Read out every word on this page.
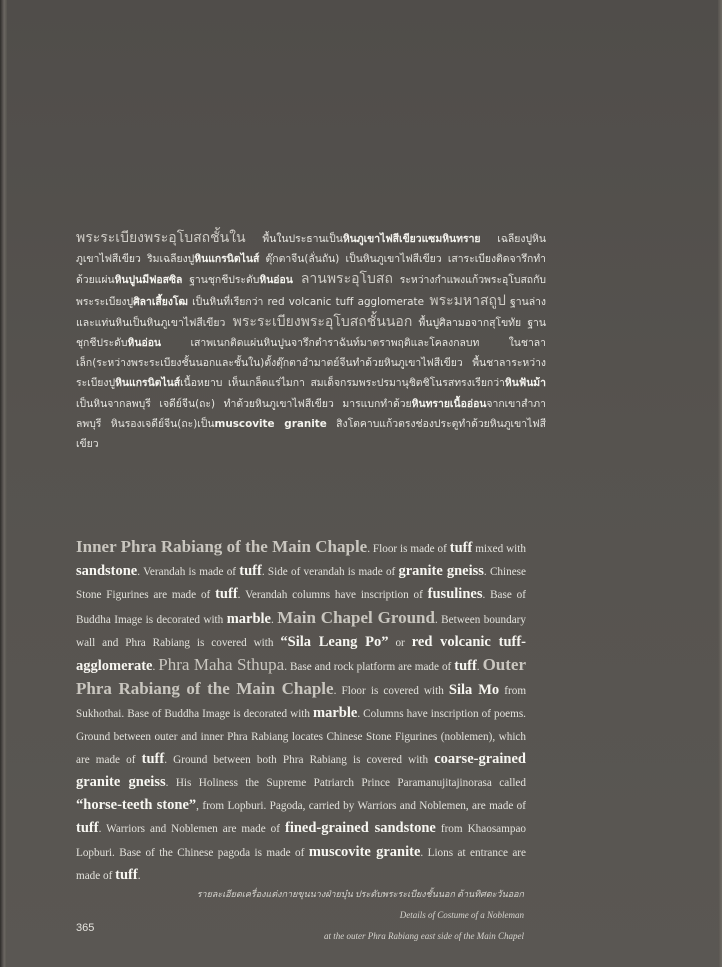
พระระเบียงพระอุโบสถชั้นใน พื้นในประธานเป็นหินภูเขาไฟสีเขียวแซมหินทราย เฉลียงปูหินภูเขาไฟสีเขียว ริมเฉลียงปูหินแกรนิตไนส์ ตุ๊กตาจีน(ลั่นถัน) เป็นหินภูเขาไฟสีเขียว เสาระเบียงติดจารึกทำด้วยแผ่นหินปูนมีฟอสซิล ฐานชุกชีประดับหินอ่อน ลานพระอุโบสถ ระหว่างกำแพงแก้วพระอุโบสถกับพระระเบียงปูศิลาเสี้ยงโฒ เป็นหินที่เรียกว่า red volcanic tuff agglomerate พระมหาสถูป ฐานล่างและแท่นหินเป็นหินภูเขาไฟสีเขียว พระระเบียงพระอุโบสถชั้นนอก พื้นปูศิลามอจากสุโขทัย ฐานชุกชีประดับหินอ่อน เสาพเนกติดแผ่นหินปูนจารึกตำราฉันท์มาตราพฤติและโคลงกลบท ในชาลาเล็ก(ระหว่างพระระเบียงชั้นนอกและชั้นใน)ตั้งตุ๊กตาอำมาตย์จีนทำด้วยหินภูเขาไฟสีเขียว พื้นชาลาระหว่างระเบียงปูหินแกรนิตไนส์เนื้อหยาบ เห็นเกล็ดแร่ไมกา สมเด็จกรมพระปรมานุชิตชิโนรสทรงเรียกว่าหินฟันม้า เป็นหินจากลพบุรี เจดีย์จีน(ถะ) ทำด้วยหินภูเขาไฟสีเขียว มารแบกทำด้วยหินทรายเนื้ออ่อนจากเขาสำภาลพบุรี หินรองเจดีย์จีน(ถะ)เป็นmuscovite granite สิงโตคาบแก้วตรงช่องประตูทำด้วยหินภูเขาไฟสีเขียว

Inner Phra Rabiang of the Main Chaple. Floor is made of tuff mixed with sandstone. Verandah is made of tuff. Side of verandah is made of granite gneiss. Chinese Stone Figurines are made of tuff. Verandah columns have inscription of fusulines. Base of Buddha Image is decorated with marble. Main Chapel Ground. Between boundary wall and Phra Rabiang is covered with “Sila Leang Po” or red volcanic tuff-agglomerate. Phra Maha Sthupa. Base and rock platform are made of tuff. Outer Phra Rabiang of the Main Chaple. Floor is covered with Sila Mo from Sukhothai. Base of Buddha Image is decorated with marble. Columns have inscription of poems. Ground between outer and inner Phra Rabiang locates Chinese Stone Figurines (noblemen), which are made of tuff. Ground between both Phra Rabiang is covered with coarse-grained granite gneiss. His Holiness the Supreme Patriarch Prince Paramanujitajinorasa called “horse-teeth stone”, from Lopburi. Pagoda, carried by Warriors and Noblemen, are made of tuff. Warriors and Noblemen are made of fined-grained sandstone from Khaosampao Lopburi. Base of the Chinese pagoda is made of muscovite granite. Lions at entrance are made of tuff.

รายละเอียดเครื่องแต่งกายขุนนางฝ่ายบุ๋น ประดับพระระเบียงชั้นนอก ด้านทิศตะวันออก
Details of Costume of a Nobleman
at the outer Phra Rabiang east side of the Main Chapel
365
